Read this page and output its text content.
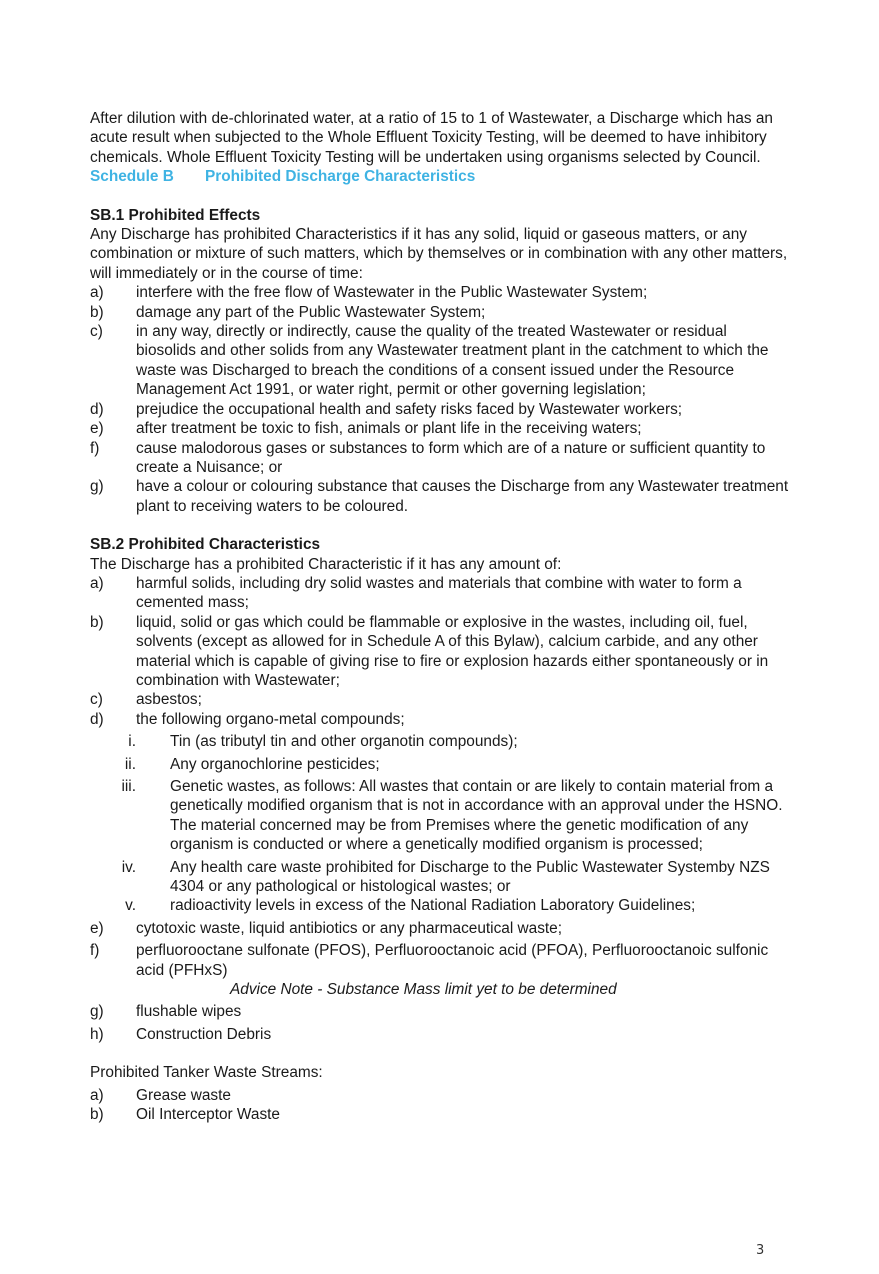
After dilution with de-chlorinated water, at a ratio of 15 to 1 of Wastewater, a Discharge which has an acute result when subjected to the Whole Effluent Toxicity Testing, will be deemed to have inhibitory chemicals. Whole Effluent Toxicity Testing will be undertaken using organisms selected by Council.

Schedule B Prohibited Discharge Characteristics

SB.1 Prohibited Effects

Any Discharge has prohibited Characteristics if it has any solid, liquid or gaseous matters, or any combination or mixture of such matters, which by themselves or in combination with any other matters, will immediately or in the course of time:

a)	interfere with the free flow of Wastewater in the Public Wastewater System;
b)	damage any part of the Public Wastewater System;
c)	in any way, directly or indirectly, cause the quality of the treated Wastewater or residual biosolids and other solids from any Wastewater treatment plant in the catchment to which the waste was Discharged to breach the conditions of a consent issued under the Resource Management Act 1991, or water right, permit or other governing legislation;
d)	prejudice the occupational health and safety risks faced by Wastewater workers;
e)	after treatment be toxic to fish, animals or plant life in the receiving waters;
f)	cause malodorous gases or substances to form which are of a nature or sufficient quantity to create a Nuisance; or
g)	have a colour or colouring substance that causes the Discharge from any Wastewater treatment plant to receiving waters to be coloured.

SB.2 Prohibited Characteristics

The Discharge has a prohibited Characteristic if it has any amount of:

a)	harmful solids, including dry solid wastes and materials that combine with water to form a cemented mass;
b)	liquid, solid or gas which could be flammable or explosive in the wastes, including oil, fuel, solvents (except as allowed for in Schedule A of this Bylaw), calcium carbide, and any other material which is capable of giving rise to fire or explosion hazards either spontaneously or in combination with Wastewater;
c)	asbestos;
d)	the following organo-metal compounds;
i.	Tin (as tributyl tin and other organotin compounds);
ii.	Any organochlorine pesticides;
iii.	Genetic wastes, as follows: All wastes that contain or are likely to contain material from a genetically modified organism that is not in accordance with an approval under the HSNO. The material concerned may be from Premises where the genetic modification of any organism is conducted or where a genetically modified organism is processed;
iv.	Any health care waste prohibited for Discharge to the Public Wastewater Systemby NZS 4304 or any pathological or histological wastes; or
v.	radioactivity levels in excess of the National Radiation Laboratory Guidelines;
e)	cytotoxic waste, liquid antibiotics or any pharmaceutical waste;
f)	perfluorooctane sulfonate (PFOS), Perfluorooctanoic acid (PFOA), Perfluorooctanoic sulfonic acid (PFHxS)
Advice Note - Substance Mass limit yet to be determined
g)	flushable wipes
h)	Construction Debris

Prohibited Tanker Waste Streams:

a)	Grease waste
b)	Oil Interceptor Waste
3
